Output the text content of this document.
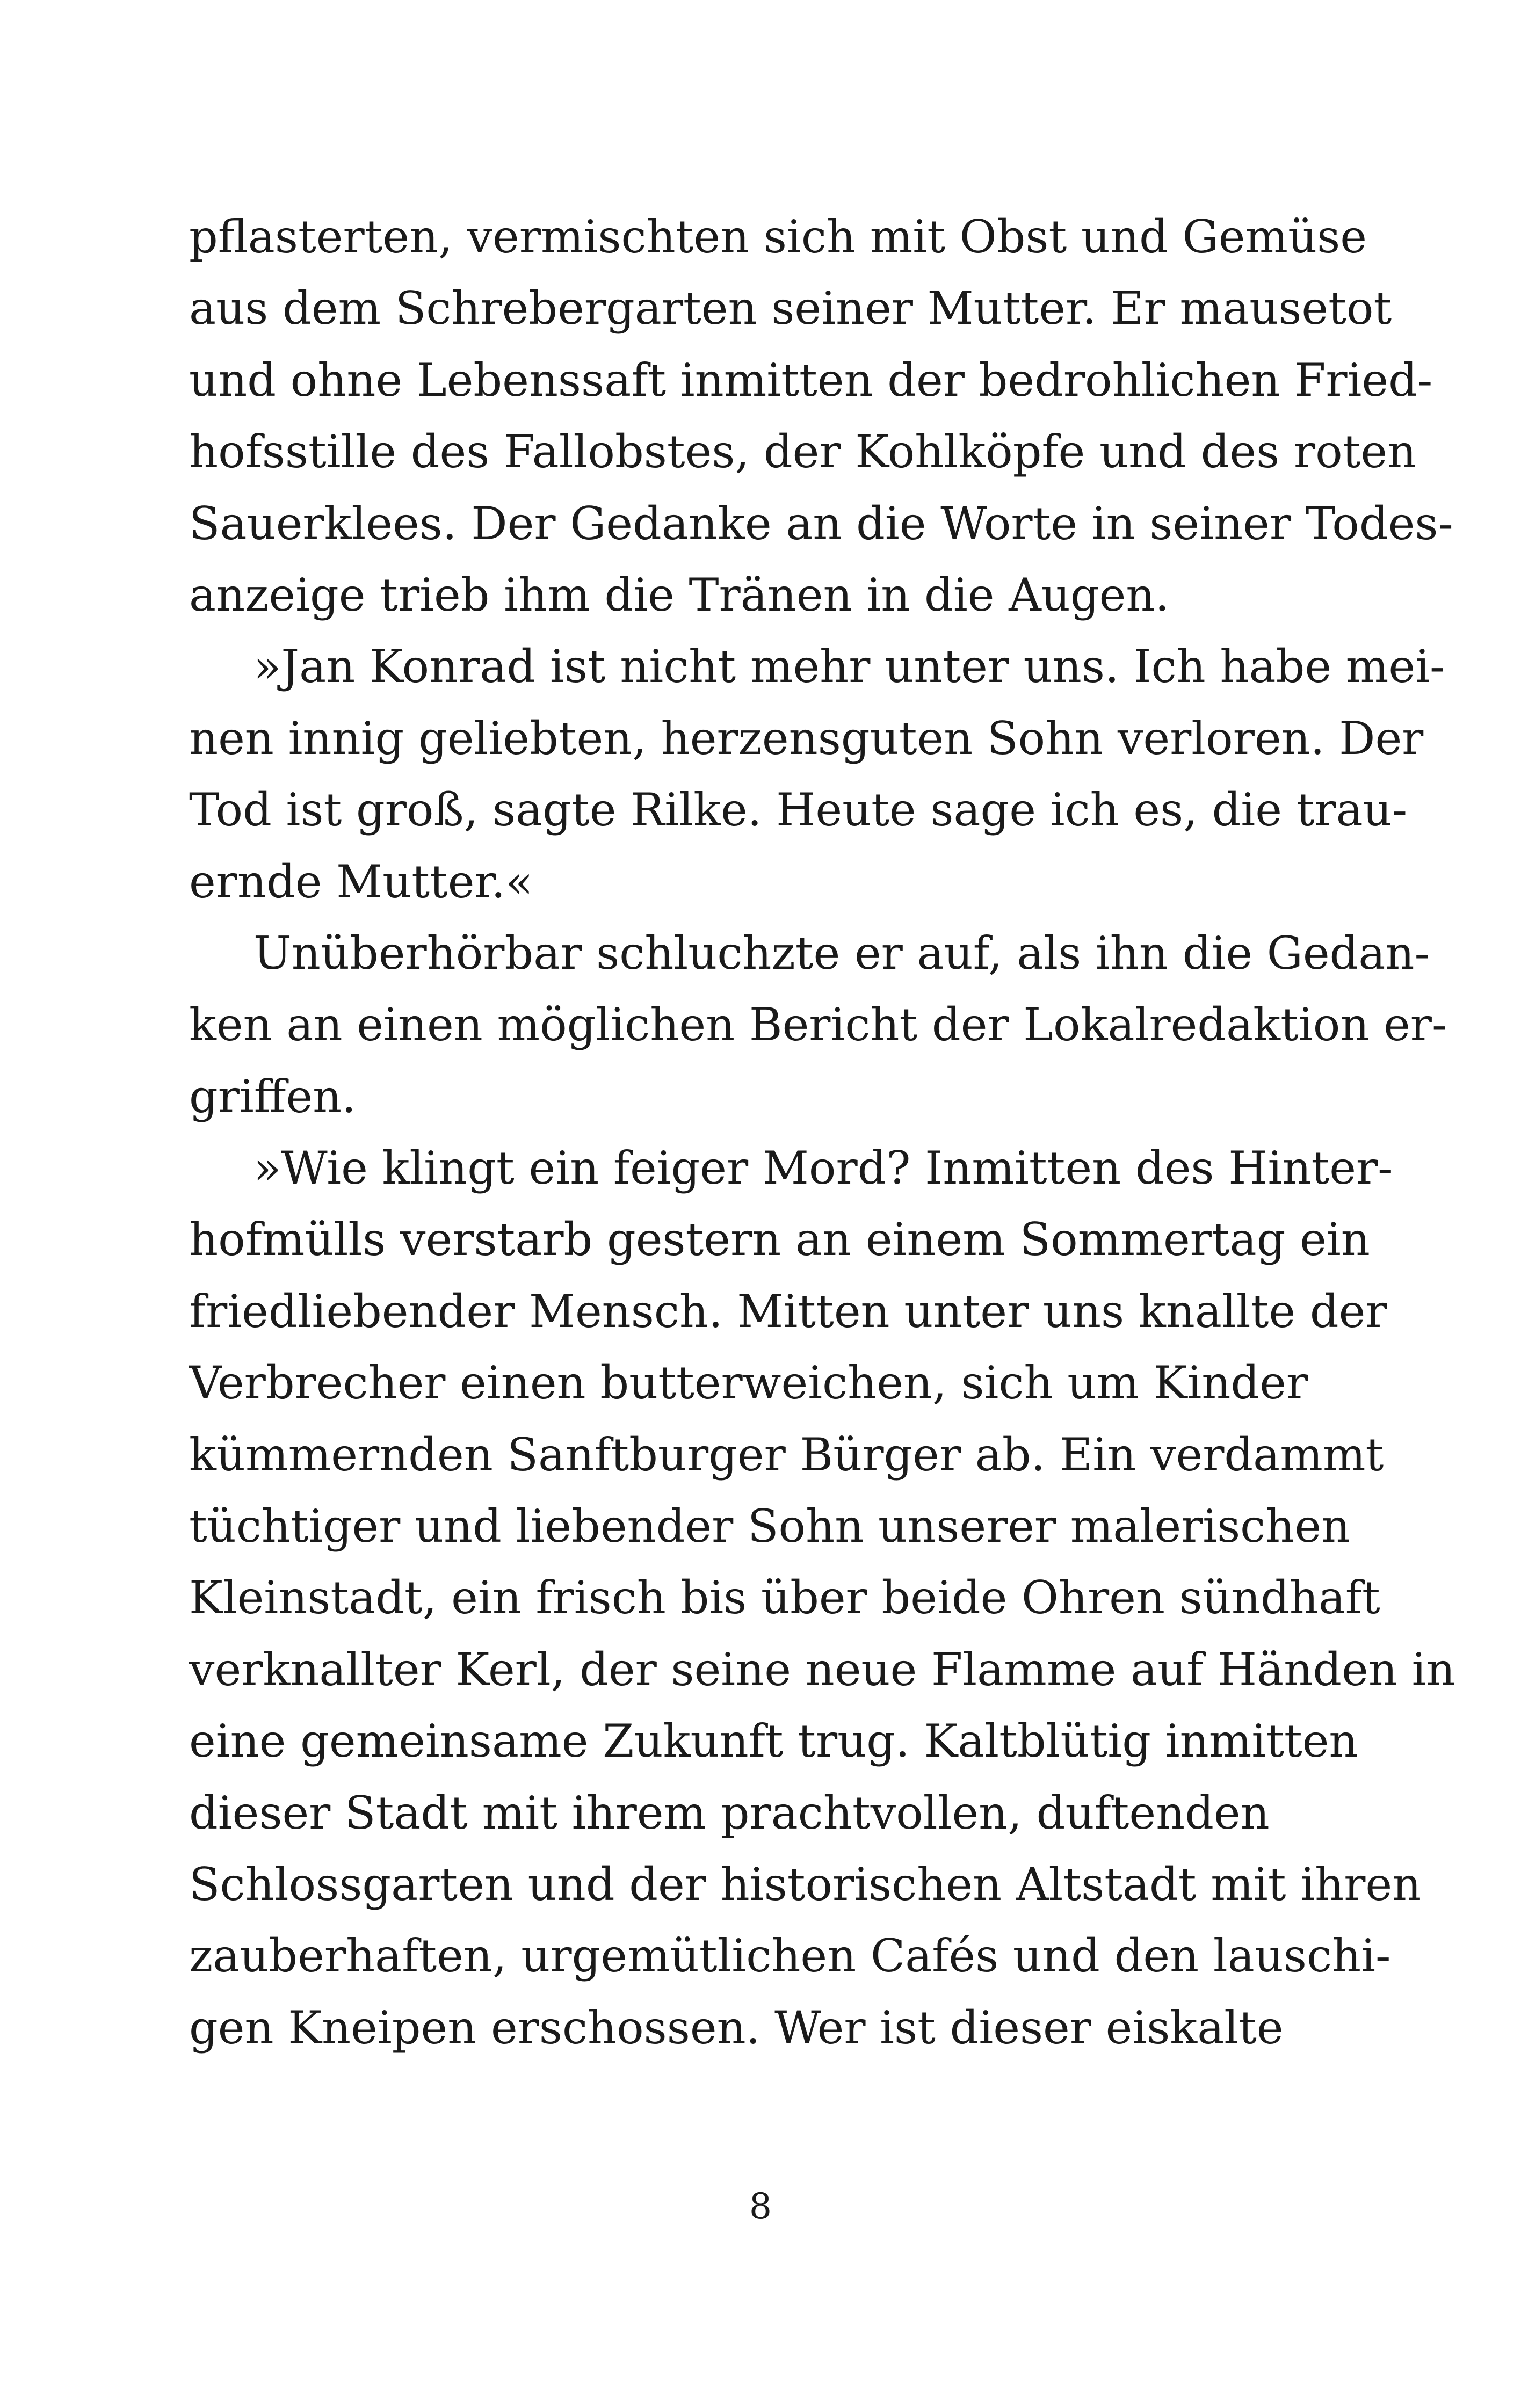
pflasterten, vermischten sich mit Obst und Gemüse
aus dem Schrebergarten seiner Mutter. Er mausetot
und ohne Lebenssaft inmitten der bedrohlichen Fried-
hofsstille des Fallobstes, der Kohlköpfe und des roten
Sauerklees. Der Gedanke an die Worte in seiner Todes-
anzeige trieb ihm die Tränen in die Augen.
»Jan Konrad ist nicht mehr unter uns. Ich habe mei-
nen innig geliebten, herzensguten Sohn verloren. Der
Tod ist groß, sagte Rilke. Heute sage ich es, die trau-
ernde Mutter.«
Unüberhörbar schluchzte er auf, als ihn die Gedan-
ken an einen möglichen Bericht der Lokalredaktion er-
griffen.
»Wie klingt ein feiger Mord? Inmitten des Hinter-
hofmülls verstarb gestern an einem Sommertag ein
friedliebender Mensch. Mitten unter uns knallte der
Verbrecher einen butterweichen, sich um Kinder
kümmernden Sanftburger Bürger ab. Ein verdammt
tüchtiger und liebender Sohn unserer malerischen
Kleinstadt, ein frisch bis über beide Ohren sündhaft
verknallter Kerl, der seine neue Flamme auf Händen in
eine gemeinsame Zukunft trug. Kaltblütig inmitten
dieser Stadt mit ihrem prachtvollen, duftenden
Schlossgarten und der historischen Altstadt mit ihren
zauberhaften, urgemütlichen Cafés und den lauschi-
gen Kneipen erschossen. Wer ist dieser eiskalte
8
